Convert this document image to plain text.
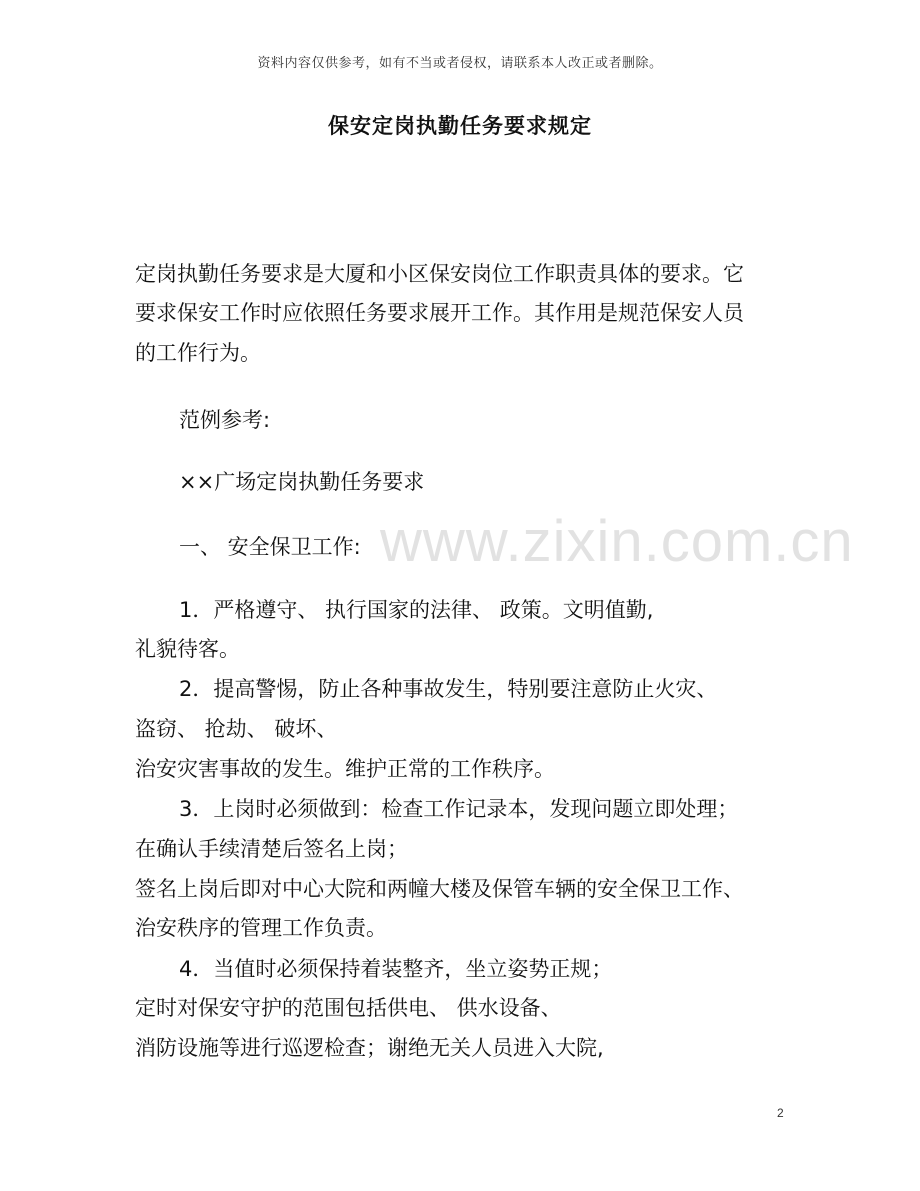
资料内容仅供参考，如有不当或者侵权，请联系本人改正或者删除。
保安定岗执勤任务要求规定
www.zixin.com.cn
定岗执勤任务要求是大厦和小区保安岗位工作职责具体的要求。它
要求保安工作时应依照任务要求展开工作。其作用是规范保安人员
的工作行为。
范例参考:
××广场定岗执勤任务要求
一、 安全保卫工作:
1．严格遵守、 执行国家的法律、 政策。文明值勤,
礼貌待客。
2．提高警惕，防止各种事故发生，特别要注意防止火灾、
盗窃、 抢劫、 破坏、
治安灾害事故的发生。维护正常的工作秩序。
3．上岗时必须做到：检查工作记录本，发现问题立即处理；
在确认手续清楚后签名上岗；
签名上岗后即对中心大院和两幢大楼及保管车辆的安全保卫工作、
治安秩序的管理工作负责。
4．当值时必须保持着装整齐，坐立姿势正规；
定时对保安守护的范围包括供电、 供水设备、
消防设施等进行巡逻检查；谢绝无关人员进入大院,
2
